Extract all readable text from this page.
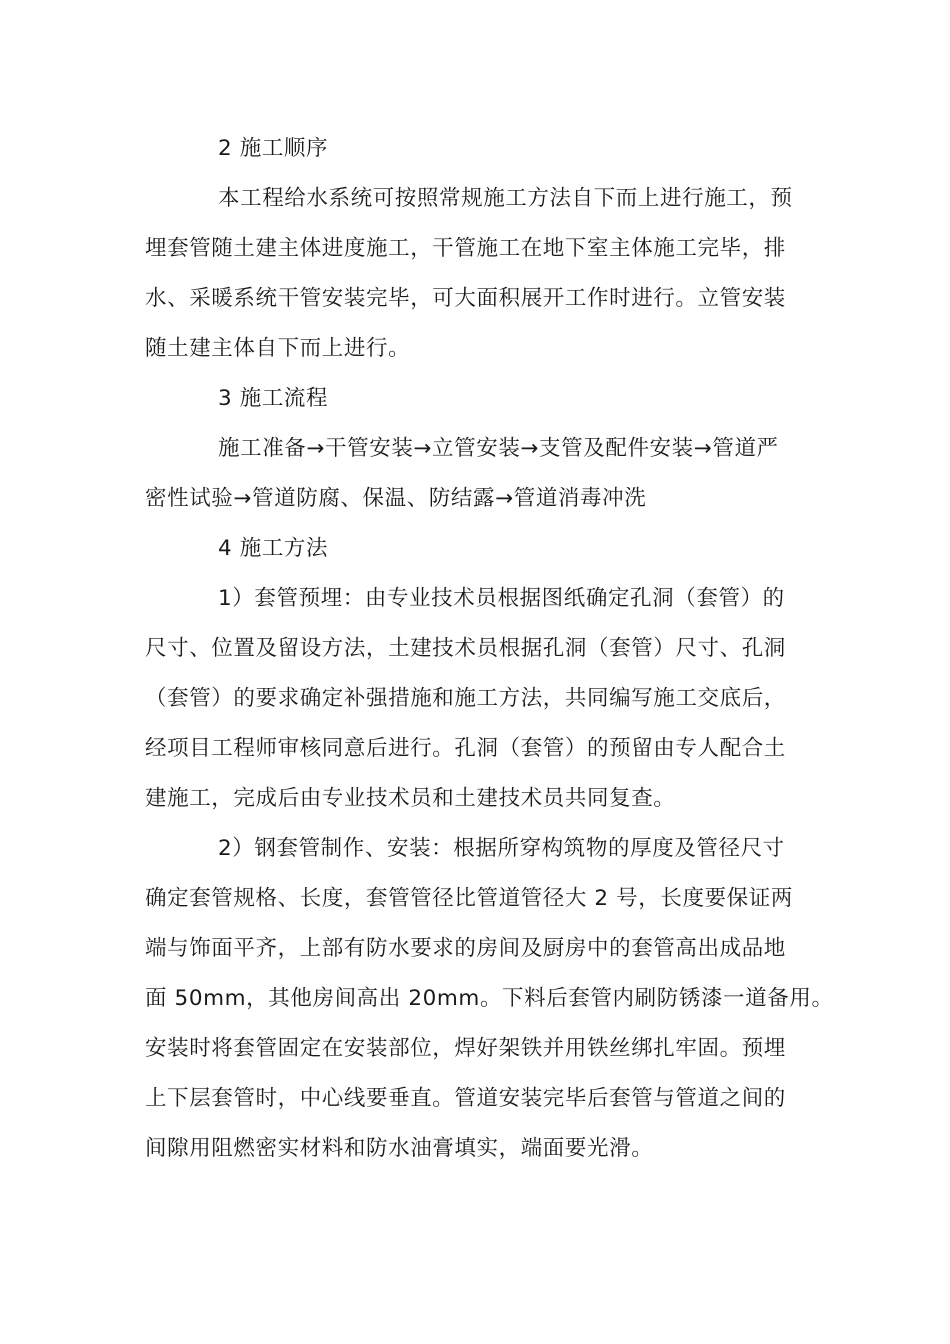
2 施工顺序
本工程给水系统可按照常规施工方法自下而上进行施工，预
埋套管随土建主体进度施工，干管施工在地下室主体施工完毕，排
水、采暖系统干管安装完毕，可大面积展开工作时进行。立管安装
随土建主体自下而上进行。
3 施工流程
施工准备→干管安装→立管安装→支管及配件安装→管道严
密性试验→管道防腐、保温、防结露→管道消毒冲洗
4 施工方法
1）套管预埋：由专业技术员根据图纸确定孔洞（套管）的
尺寸、位置及留设方法，土建技术员根据孔洞（套管）尺寸、孔洞
（套管）的要求确定补强措施和施工方法，共同编写施工交底后，
经项目工程师审核同意后进行。孔洞（套管）的预留由专人配合土
建施工，完成后由专业技术员和土建技术员共同复查。
2）钢套管制作、安装：根据所穿构筑物的厚度及管径尺寸
确定套管规格、长度，套管管径比管道管径大 2 号，长度要保证两
端与饰面平齐，上部有防水要求的房间及厨房中的套管高出成品地
面 50mm，其他房间高出 20mm。下料后套管内刷防锈漆一道备用。
安装时将套管固定在安装部位，焊好架铁并用铁丝绑扎牢固。预埋
上下层套管时，中心线要垂直。管道安装完毕后套管与管道之间的
间隙用阻燃密实材料和防水油膏填实，端面要光滑。
